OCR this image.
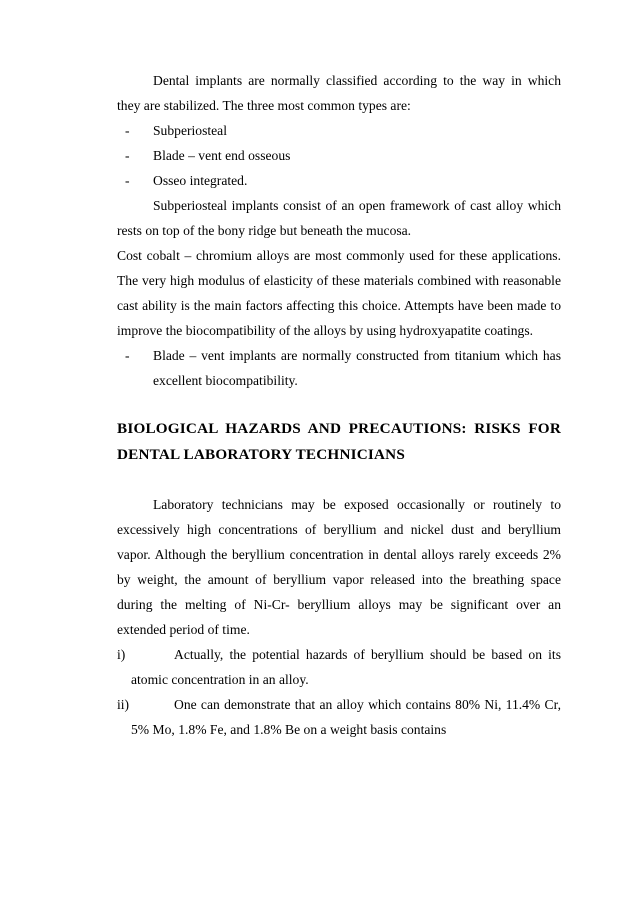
Dental implants are normally classified according to the way in which they are stabilized. The three most common types are:

- Subperiosteal
- Blade – vent end osseous
- Osseo integrated.

Subperiosteal implants consist of an open framework of cast alloy which rests on top of the bony ridge but beneath the mucosa.

Cost cobalt – chromium alloys are most commonly used for these applications. The very high modulus of elasticity of these materials combined with reasonable cast ability is the main factors affecting this choice. Attempts have been made to improve the biocompatibility of the alloys by using hydroxyapatite coatings.

- Blade – vent implants are normally constructed from titanium which has excellent biocompatibility.
BIOLOGICAL HAZARDS AND PRECAUTIONS: RISKS FOR DENTAL LABORATORY TECHNICIANS

Laboratory technicians may be exposed occasionally or routinely to excessively high concentrations of beryllium and nickel dust and beryllium vapor. Although the beryllium concentration in dental alloys rarely exceeds 2% by weight, the amount of beryllium vapor released into the breathing space during the melting of Ni-Cr- beryllium alloys may be significant over an extended period of time.

i)	Actually, the potential hazards of beryllium should be based on its atomic concentration in an alloy.
ii)	One can demonstrate that an alloy which contains 80% Ni, 11.4% Cr, 5% Mo, 1.8% Fe, and 1.8% Be on a weight basis contains
